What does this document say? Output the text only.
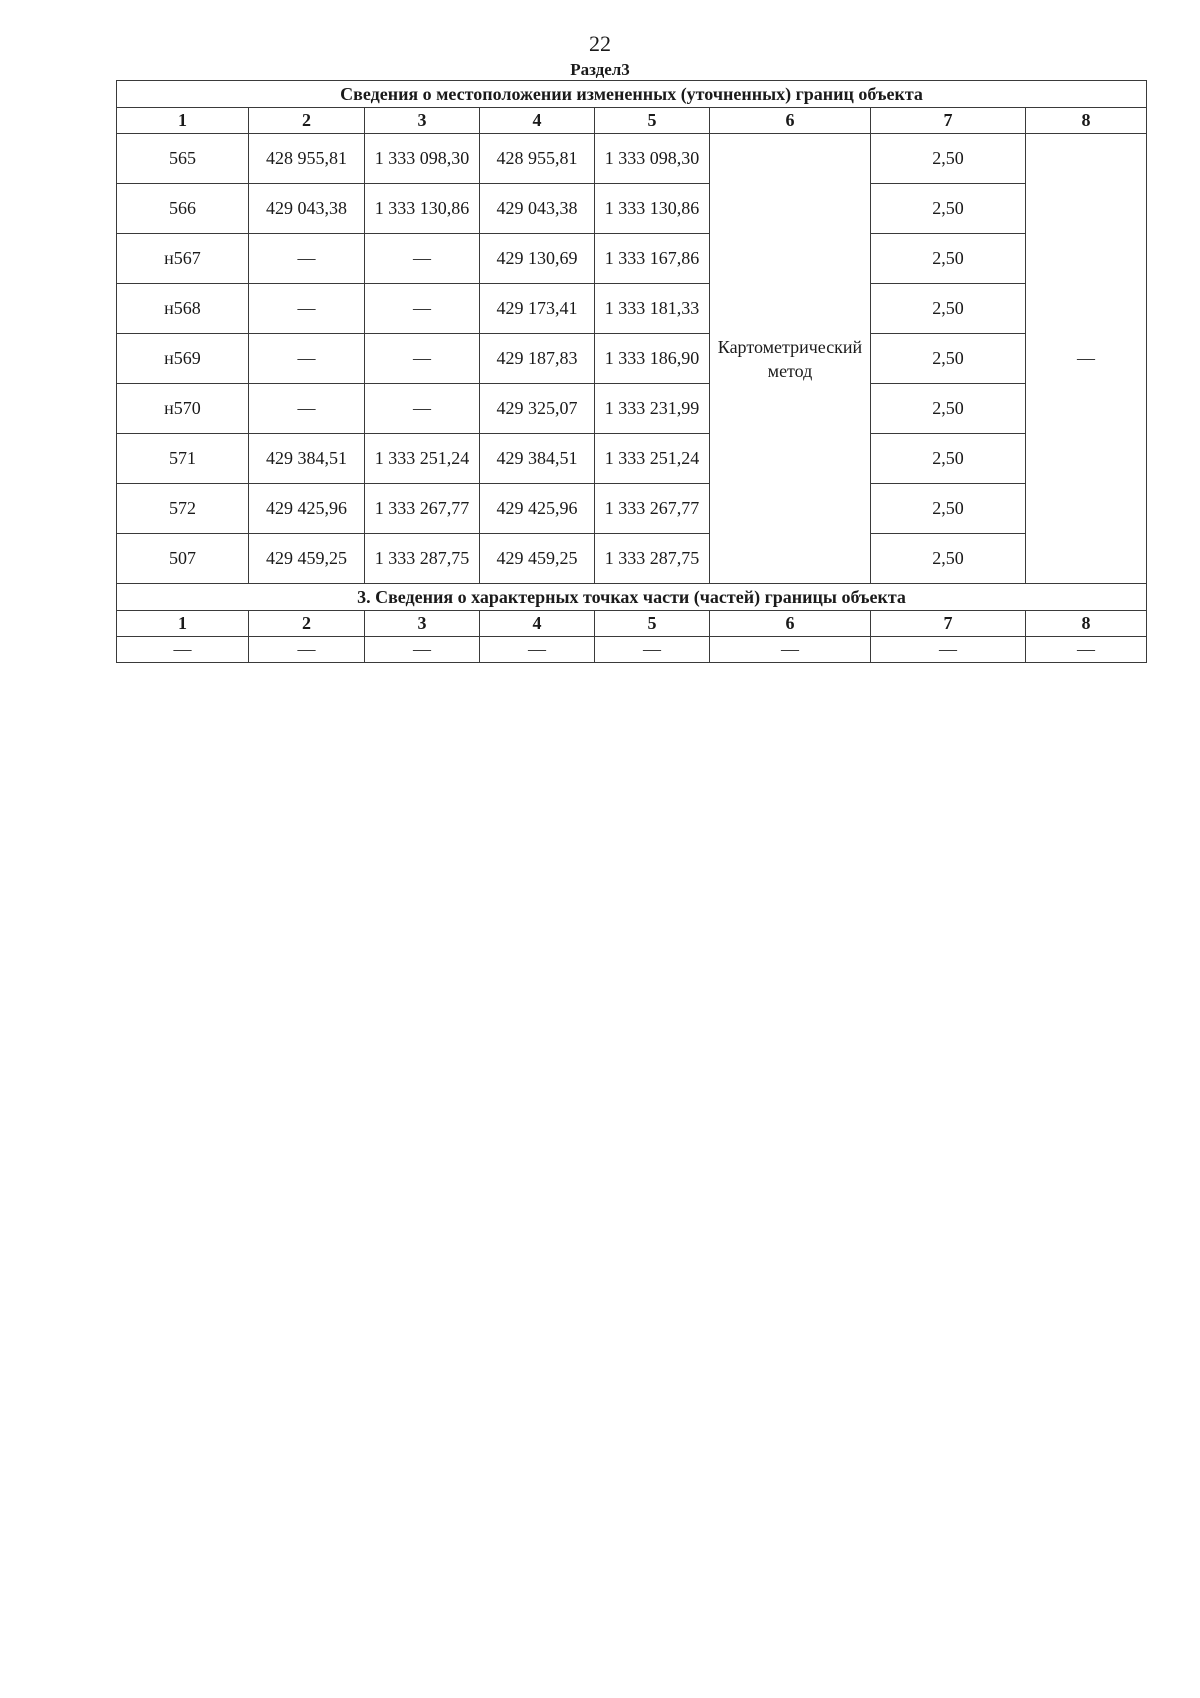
22
Раздел3
Сведения о местоположении измененных (уточненных) границ объекта							
1	2	3	4	5	6	7	8
565	428 955,81	1 333 098,30	428 955,81	1 333 098,30	Картометрический метод	2,50	—
566	429 043,38	1 333 130,86	429 043,38	1 333 130,86		2,50	
н567	—	—	429 130,69	1 333 167,86		2,50	
н568	—	—	429 173,41	1 333 181,33		2,50	
н569	—	—	429 187,83	1 333 186,90		2,50	
н570	—	—	429 325,07	1 333 231,99		2,50	
571	429 384,51	1 333 251,24	429 384,51	1 333 251,24		2,50	
572	429 425,96	1 333 267,77	429 425,96	1 333 267,77		2,50	
507	429 459,25	1 333 287,75	429 459,25	1 333 287,75		2,50	
3. Сведения о характерных точках части (частей) границы объекта							
1	2	3	4	5	6	7	8
—	—	—	—	—	—	—	—
